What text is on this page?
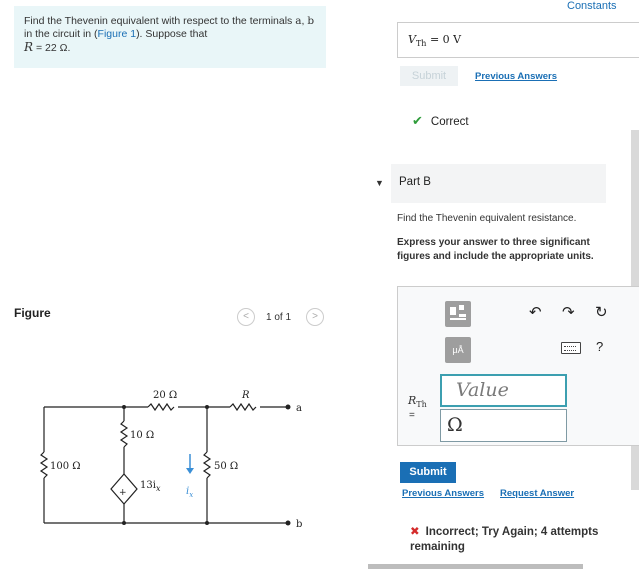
Find the Thevenin equivalent with respect to the terminals a, b in the circuit in (Figure 1). Suppose that
R = 22 Ω.
Constants
$V_{Th} = 0$ V
Submit	Previous Answers
✔ Correct
▼	Part B
Find the Thevenin equivalent resistance.
Express your answer to three significant figures and include the appropriate units.
μÅ
↶ ↷ ↻
?
$R_{Th}$
=
Value
Ω
Submit
Previous Answers Request Answer
✖ Incorrect; Try Again; 4 attempts remaining
Figure	<	1 of 1	>
20 Ω	R
a
10 Ω
100 Ω	50 Ω
$13i_x$	$i_x$
+
b
